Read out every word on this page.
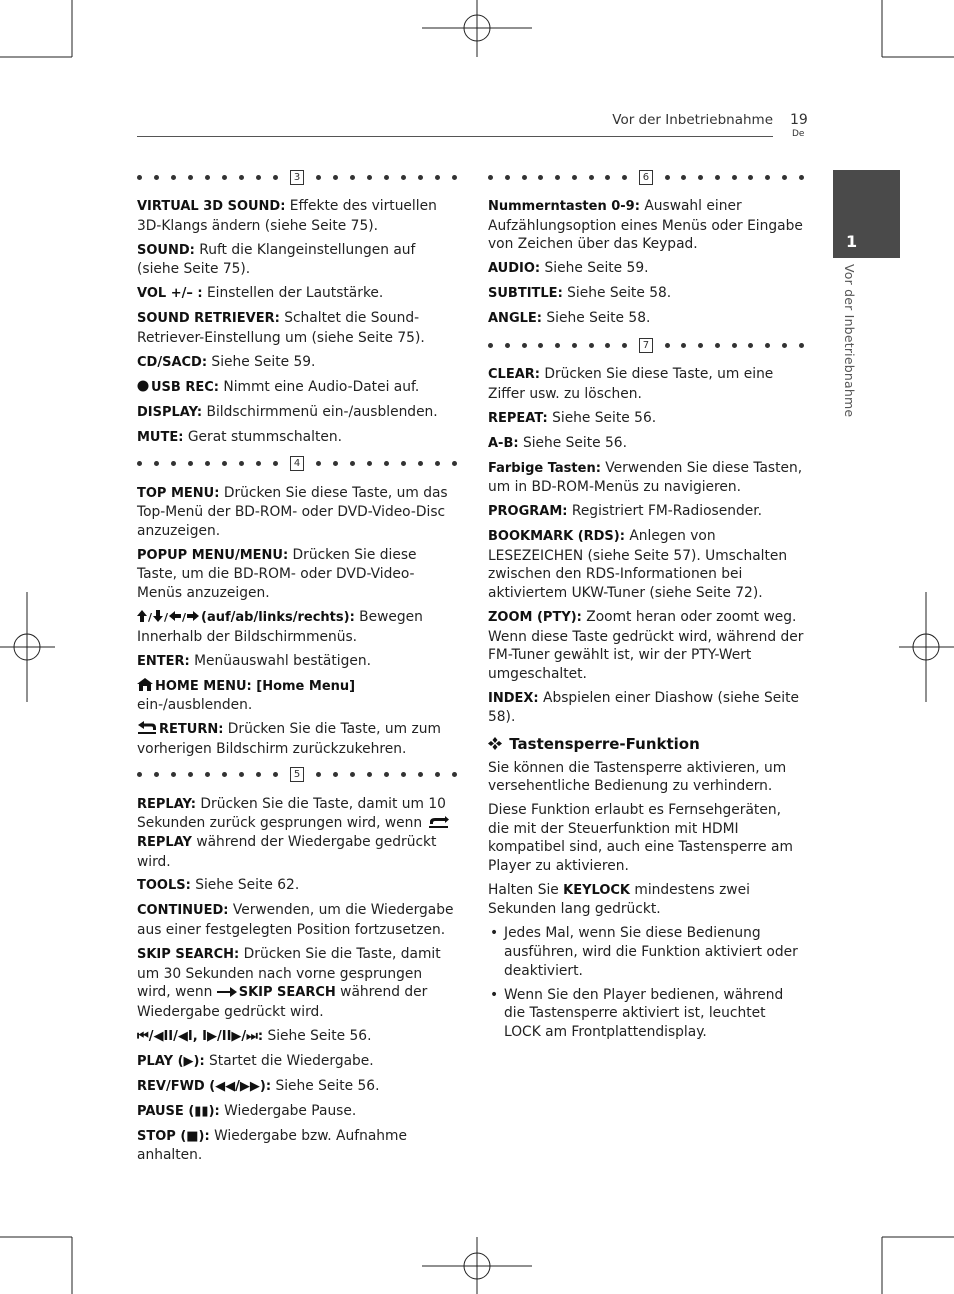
Vor der Inbetriebnahme 19
De
1
Vor der Inbetriebnahme
3
VIRTUAL 3D SOUND: Effekte des virtuellen 3D-Klangs ändern (siehe Seite 75).
SOUND: Ruft die Klangeinstellungen auf (siehe Seite 75).
VOL +/– : Einstellen der Lautstärke.
SOUND RETRIEVER: Schaltet die Sound-Retriever-Einstellung um (siehe Seite 75).
CD/SACD: Siehe Seite 59.
USB REC: Nimmt eine Audio-Datei auf.
DISPLAY: Bildschirmmenü ein-/ausblenden.
MUTE: Gerat stummschalten.
4
TOP MENU: Drücken Sie diese Taste, um das Top-Menü der BD-ROM- oder DVD-Video-Disc anzuzeigen.
POPUP MENU/MENU: Drücken Sie diese Taste, um die BD-ROM- oder DVD-Video-Menüs anzuzeigen.
/ / / (auf/ab/links/rechts): Bewegen Innerhalb der Bildschirmmenüs.
ENTER: Menüauswahl bestätigen.
HOME MENU: [Home Menu] ein-/ausblenden.
RETURN: Drücken Sie die Taste, um zum vorherigen Bildschirm zurückzukehren.
5
REPLAY: Drücken Sie die Taste, damit um 10 Sekunden zurück gesprungen wird, wenn REPLAY während der Wiedergabe gedrückt wird.
TOOLS: Siehe Seite 62.
CONTINUED: Verwenden, um die Wiedergabe aus einer festgelegten Position fortzusetzen.
SKIP SEARCH: Drücken Sie die Taste, damit um 30 Sekunden nach vorne gesprungen wird, wenn SKIP SEARCH während der Wiedergabe gedrückt wird.
⏮/◀II/◀I, I▶/II▶/⏭: Siehe Seite 56.
PLAY (▶): Startet die Wiedergabe.
REV/FWD (◀◀/▶▶): Siehe Seite 56.
PAUSE (▮▮): Wiedergabe Pause.
STOP (■): Wiedergabe bzw. Aufnahme anhalten.
6
Nummerntasten 0-9: Auswahl einer Aufzählungsoption eines Menüs oder Eingabe von Zeichen über das Keypad.
AUDIO: Siehe Seite 59.
SUBTITLE: Siehe Seite 58.
ANGLE: Siehe Seite 58.
7
CLEAR: Drücken Sie diese Taste, um eine Ziffer usw. zu löschen.
REPEAT: Siehe Seite 56.
A-B: Siehe Seite 56.
Farbige Tasten: Verwenden Sie diese Tasten, um in BD-ROM-Menüs zu navigieren.
PROGRAM: Registriert FM-Radiosender.
BOOKMARK (RDS): Anlegen von LESEZEICHEN (siehe Seite 57). Umschalten zwischen den RDS-Informationen bei aktiviertem UKW-Tuner (siehe Seite 72).
ZOOM (PTY): Zoomt heran oder zoomt weg. Wenn diese Taste gedrückt wird, während der FM-Tuner gewählt ist, wir der PTY-Wert umgeschaltet.
INDEX: Abspielen einer Diashow (siehe Seite 58).
Tastensperre-Funktion
Sie können die Tastensperre aktivieren, um versehentliche Bedienung zu verhindern.
Diese Funktion erlaubt es Fernsehgeräten, die mit der Steuerfunktion mit HDMI kompatibel sind, auch eine Tastensperre am Player zu aktivieren.
Halten Sie KEYLOCK mindestens zwei Sekunden lang gedrückt.
• Jedes Mal, wenn Sie diese Bedienung ausführen, wird die Funktion aktiviert oder deaktiviert.
• Wenn Sie den Player bedienen, während die Tastensperre aktiviert ist, leuchtet LOCK am Frontplattendisplay.
